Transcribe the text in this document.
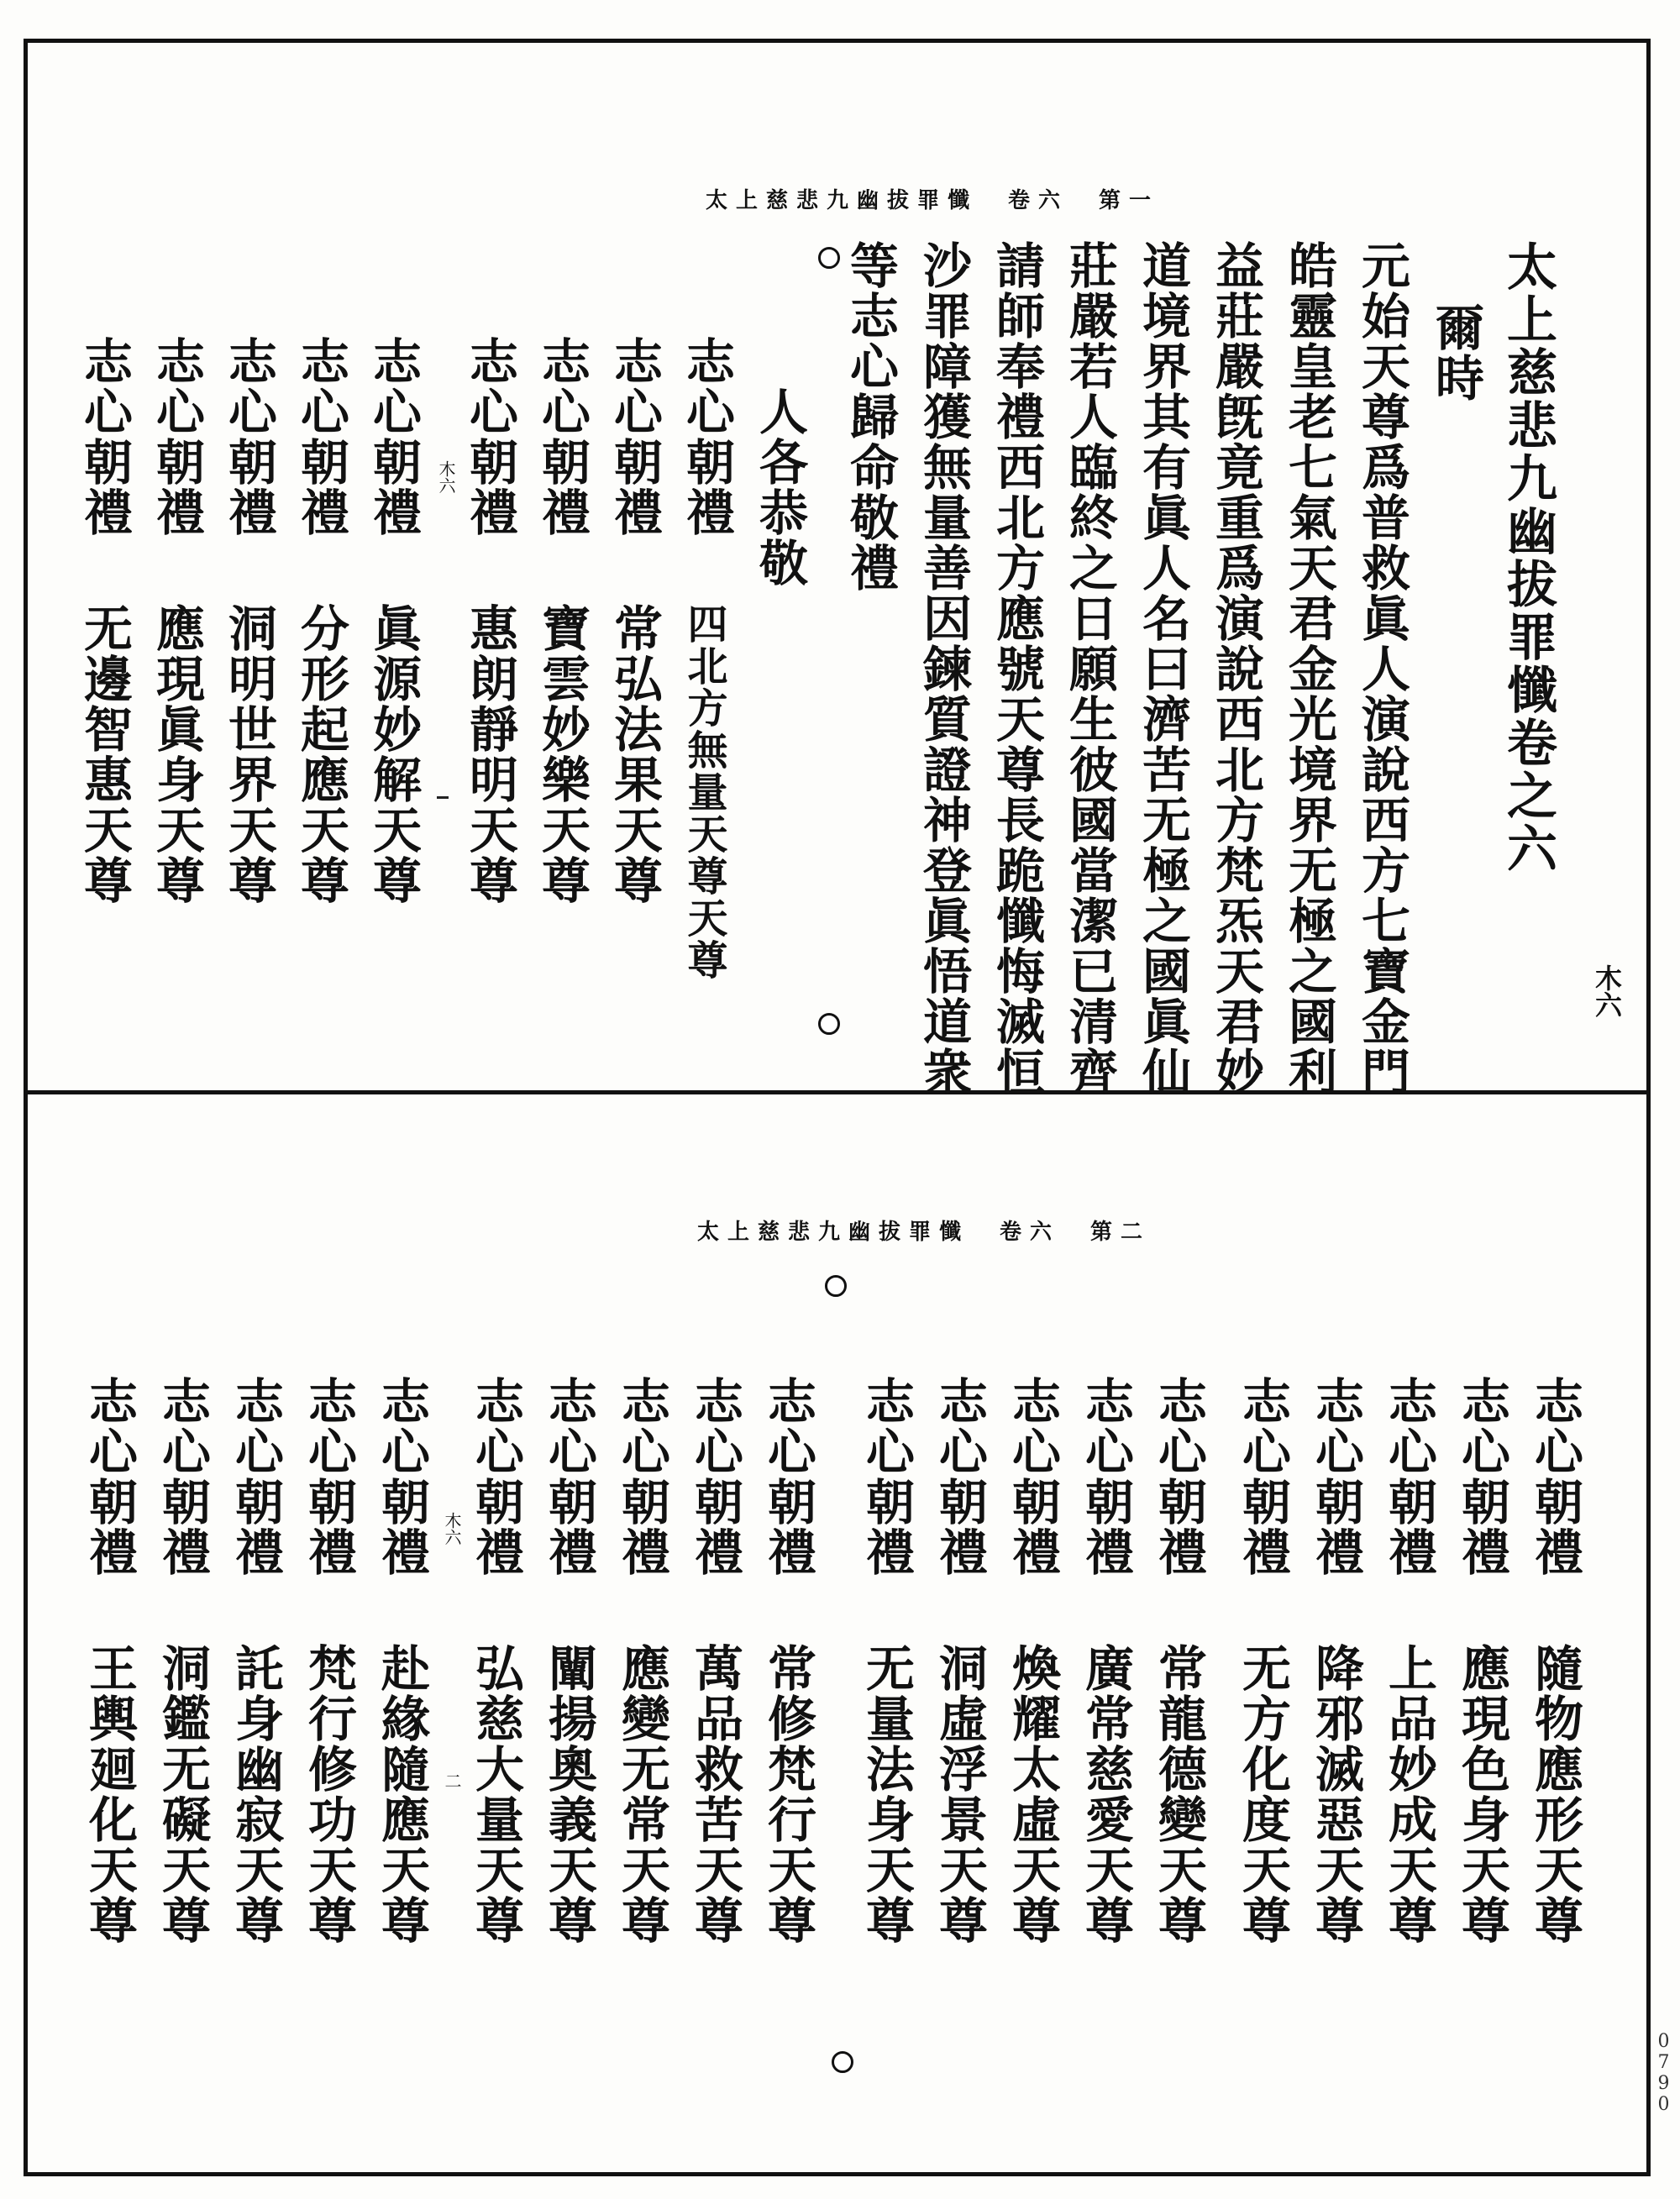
太上慈悲九幽拔罪懺　卷六　第一
木六
太上慈悲九幽拔罪懺卷之六
爾時
元始天尊爲普救眞人演說西方七寶金門
皓靈皇老七氣天君金光境界无極之國利
益莊嚴旣竟重爲演說西北方梵炁天君妙
道境界其有眞人名曰濟苦无極之國眞仙
莊嚴若人臨終之日願生彼國當潔已清齊
請師奉禮西北方應號天尊長跪懺悔滅恒
沙罪障獲無量善因鍊質證神登眞悟道衆
等志心歸命敬禮
人各恭敬
木六	志心朝禮
四北方無量天尊天尊
志心朝禮
常弘法果天尊
志心朝禮
寶雲妙樂天尊
志心朝禮
惠朗靜明天尊
志心朝禮
眞源妙解天尊
志心朝禮
分形起應天尊
志心朝禮
洞明世界天尊
志心朝禮
應現眞身天尊
志心朝禮
无邊智惠天尊
太上慈悲九幽拔罪懺　卷六　第二
木六
二
志心朝禮
隨物應形天尊
志心朝禮
應現色身天尊
志心朝禮
上品妙成天尊
志心朝禮
降邪滅惡天尊
志心朝禮
无方化度天尊
志心朝禮
常龍德變天尊
志心朝禮
廣常慈愛天尊
志心朝禮
煥耀太虛天尊
志心朝禮
洞虛浮景天尊
志心朝禮
无量法身天尊
志心朝禮
常修梵行天尊
志心朝禮
萬品救苦天尊
志心朝禮
應變无常天尊
志心朝禮
闡揚奧義天尊
志心朝禮
弘慈大量天尊
志心朝禮
赴緣隨應天尊
志心朝禮
梵行修功天尊
志心朝禮
託身幽寂天尊
志心朝禮
洞鑑无礙天尊
志心朝禮
王輿廻化天尊
0790
